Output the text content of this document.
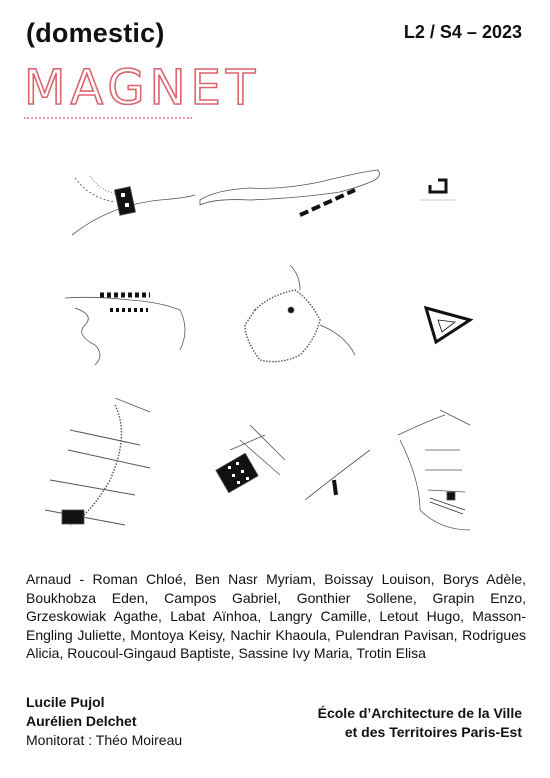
(domestic)	L2 / S4 – 2023
MAGNET
Arnaud - Roman Chloé, Ben Nasr Myriam, Boissay Louison, Borys Adèle, Boukhobza Eden, Campos Gabriel, Gonthier Sollene, Grapin Enzo, Grzeskowiak Agathe, Labat Aïnhoa, Langry Camille, Letout Hugo, Masson-Engling Juliette, Montoya Keisy, Nachir Khaoula, Pulendran Pavisan, Rodrigues Alicia, Roucoul-Gingaud Baptiste, Sassine Ivy Maria, Trotin Elisa
Lucile Pujol
Aurélien Delchet
Monitorat : Théo Moireau
École d’Architecture de la Ville
et des Territoires Paris-Est
